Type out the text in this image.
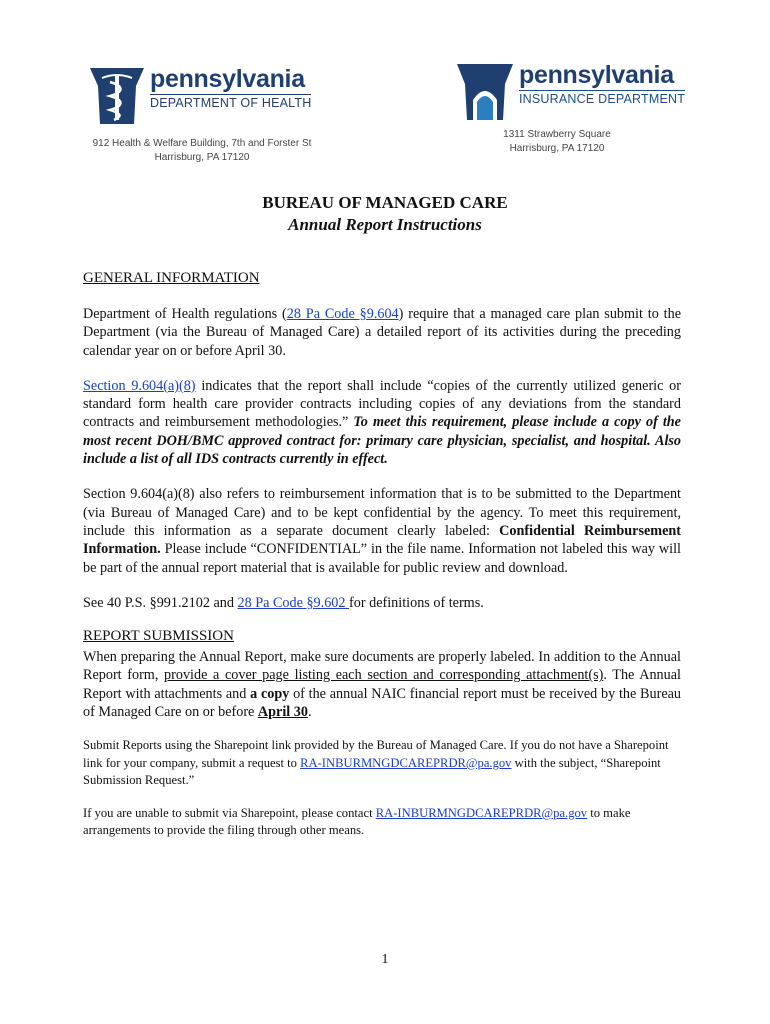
pennsylvania
DEPARTMENT OF HEALTH
912 Health & Welfare Building, 7th and Forster St
Harrisburg, PA 17120
pennsylvania
INSURANCE DEPARTMENT
1311 Strawberry Square
Harrisburg, PA 17120
BUREAU OF MANAGED CARE
Annual Report Instructions

GENERAL INFORMATION

Department of Health regulations (28 Pa Code §9.604) require that a managed care plan submit to the Department (via the Bureau of Managed Care) a detailed report of its activities during the preceding calendar year on or before April 30.

Section 9.604(a)(8) indicates that the report shall include “copies of the currently utilized generic or standard form health care provider contracts including copies of any deviations from the standard contracts and reimbursement methodologies.” To meet this requirement, please include a copy of the most recent DOH/BMC approved contract for: primary care physician, specialist, and hospital. Also include a list of all IDS contracts currently in effect.

Section 9.604(a)(8) also refers to reimbursement information that is to be submitted to the Department (via Bureau of Managed Care) and to be kept confidential by the agency. To meet this requirement, include this information as a separate document clearly labeled: Confidential Reimbursement Information. Please include “CONFIDENTIAL” in the file name. Information not labeled this way will be part of the annual report material that is available for public review and download.

See 40 P.S. §991.2102 and 28 Pa Code §9.602 for definitions of terms.

REPORT SUBMISSION

When preparing the Annual Report, make sure documents are properly labeled. In addition to the Annual Report form, provide a cover page listing each section and corresponding attachment(s). The Annual Report with attachments and a copy of the annual NAIC financial report must be received by the Bureau of Managed Care on or before April 30.

Submit Reports using the Sharepoint link provided by the Bureau of Managed Care. If you do not have a Sharepoint link for your company, submit a request to RA-INBURMNGDCAREPRDR@pa.gov with the subject, “Sharepoint Submission Request.”

If you are unable to submit via Sharepoint, please contact RA-INBURMNGDCAREPRDR@pa.gov to make arrangements to provide the filing through other means.

1
